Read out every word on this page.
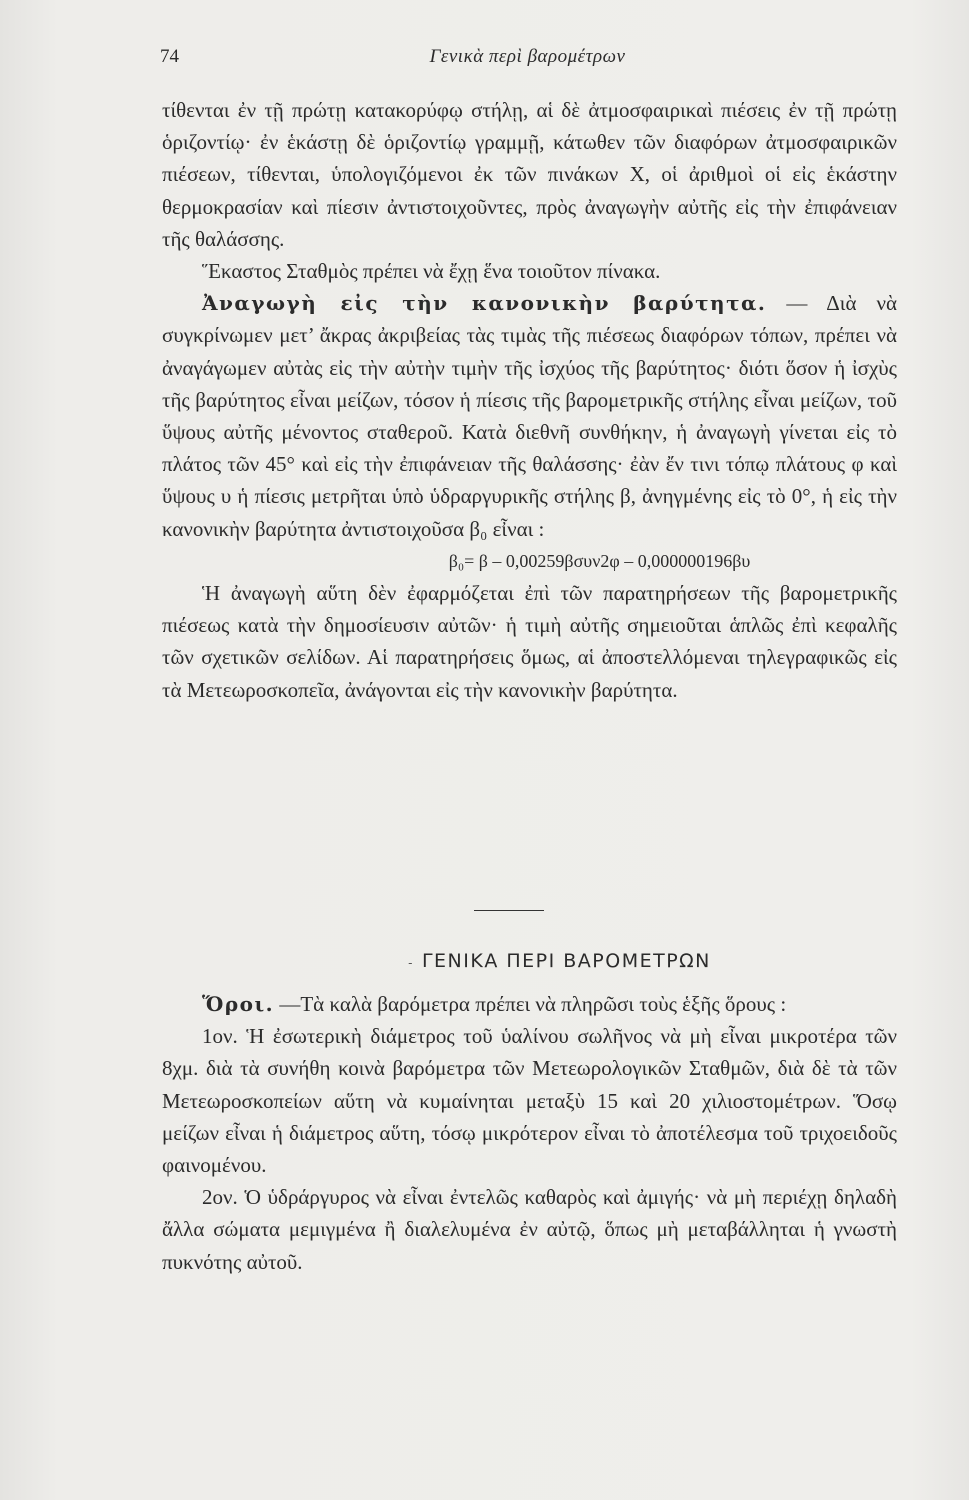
74	Γενικὰ περὶ βαρομέτρων

τίθενται ἐν τῇ πρώτῃ κατακορύφῳ στήλῃ, αἱ δὲ ἀτμοσφαιρικαὶ πιέσεις ἐν τῇ πρώτῃ ὁριζοντίῳ· ἐν ἑκάστῃ δὲ ὁριζοντίῳ γραμμῇ, κάτωθεν τῶν διαφόρων ἀτμοσφαιρικῶν πιέσεων, τίθενται, ὑπολογιζόμενοι ἐκ τῶν πινάκων Χ, οἱ ἀριθμοὶ οἱ εἰς ἑκάστην θερμοκρασίαν καὶ πίεσιν ἀντιστοιχοῦντες, πρὸς ἀναγωγὴν αὐτῆς εἰς τὴν ἐπιφάνειαν τῆς θαλάσσης.

Ἕκαστος Σταθμὸς πρέπει νὰ ἔχῃ ἕνα τοιοῦτον πίνακα.

Ἀναγωγὴ εἰς τὴν κανονικὴν βαρύτητα. — Διὰ νὰ συγκρίνωμεν μετ’ ἄκρας ἀκριβείας τὰς τιμὰς τῆς πιέσεως διαφόρων τόπων, πρέπει νὰ ἀναγάγωμεν αὐτὰς εἰς τὴν αὐτὴν τιμὴν τῆς ἰσχύος τῆς βαρύτητος· διότι ὅσον ἡ ἰσχὺς τῆς βαρύτητος εἶναι μείζων, τόσον ἡ πίεσις τῆς βαρομετρικῆς στήλης εἶναι μείζων, τοῦ ὕψους αὐτῆς μένοντος σταθεροῦ. Κατὰ διεθνῆ συνθήκην, ἡ ἀναγωγὴ γίνεται εἰς τὸ πλάτος τῶν 45° καὶ εἰς τὴν ἐπιφάνειαν τῆς θαλάσσης· ἐὰν ἔν τινι τόπῳ πλάτους φ καὶ ὕψους υ ἡ πίεσις μετρῆται ὑπὸ ὑδραργυρικῆς στήλης β, ἀνηγμένης εἰς τὸ 0°, ἡ εἰς τὴν κανονικὴν βαρύτητα ἀντιστοιχοῦσα β₀ εἶναι :

β₀= β – 0,00259βσυν2φ – 0,000000196βυ

Ἡ ἀναγωγὴ αὕτη δὲν ἐφαρμόζεται ἐπὶ τῶν παρατηρήσεων τῆς βαρομετρικῆς πιέσεως κατὰ τὴν δημοσίευσιν αὐτῶν· ἡ τιμὴ αὐτῆς σημειοῦται ἁπλῶς ἐπὶ κεφαλῆς τῶν σχετικῶν σελίδων. Αἱ παρατηρήσεις ὅμως, αἱ ἀποστελλόμεναι τηλεγραφικῶς εἰς τὰ Μετεωροσκοπεῖα, ἀνάγονται εἰς τὴν κανονικὴν βαρύτητα.

- ΓΕΝΙΚΑ ΠΕΡΙ ΒΑΡΟΜΕΤΡΩΝ

Ὅροι. —Τὰ καλὰ βαρόμετρα πρέπει νὰ πληρῶσι τοὺς ἑξῆς ὅρους :

1ον. Ἡ ἐσωτερικὴ διάμετρος τοῦ ὑαλίνου σωλῆνος νὰ μὴ εἶναι μικροτέρα τῶν 8χμ. διὰ τὰ συνήθη κοινὰ βαρόμετρα τῶν Μετεωρολογικῶν Σταθμῶν, διὰ δὲ τὰ τῶν Μετεωροσκοπείων αὕτη νὰ κυμαίνηται μεταξὺ 15 καὶ 20 χιλιοστομέτρων. Ὅσῳ μείζων εἶναι ἡ διάμετρος αὕτη, τόσῳ μικρότερον εἶναι τὸ ἀποτέλεσμα τοῦ τριχοειδοῦς φαινομένου.

2ον. Ὁ ὑδράργυρος νὰ εἶναι ἐντελῶς καθαρὸς καὶ ἀμιγής· νὰ μὴ περιέχῃ δηλαδὴ ἄλλα σώματα μεμιγμένα ἢ διαλελυμένα ἐν αὐτῷ, ὅπως μὴ μεταβάλληται ἡ γνωστὴ πυκνότης αὐτοῦ.
